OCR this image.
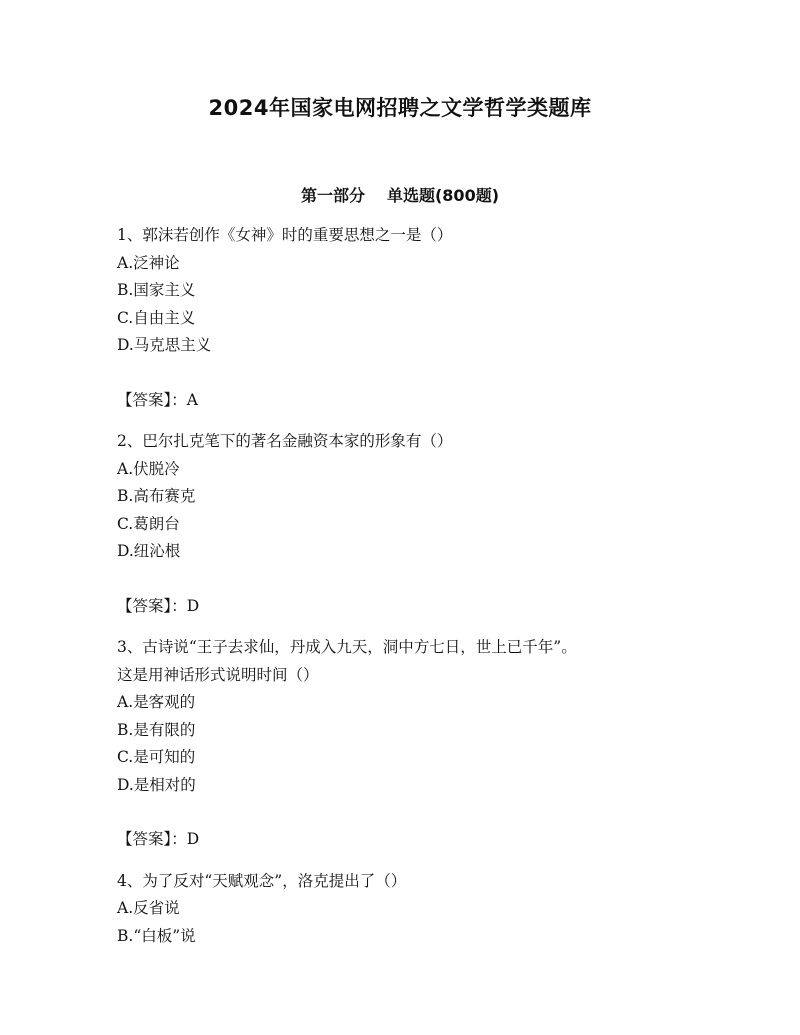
2024年国家电网招聘之文学哲学类题库
第一部分 单选题(800题)
1、郭沫若创作《女神》时的重要思想之一是（）
A.泛神论
B.国家主义
C.自由主义
D.马克思主义
【答案】：A
2、巴尔扎克笔下的著名金融资本家的形象有（）
A.伏脱冷
B.高布赛克
C.葛朗台
D.纽沁根
【答案】：D
3、古诗说“王子去求仙，丹成入九天，洞中方七日，世上已千年”。
这是用神话形式说明时间（）
A.是客观的
B.是有限的
C.是可知的
D.是相对的
【答案】：D
4、为了反对“天赋观念”，洛克提出了（）
A.反省说
B.“白板”说
